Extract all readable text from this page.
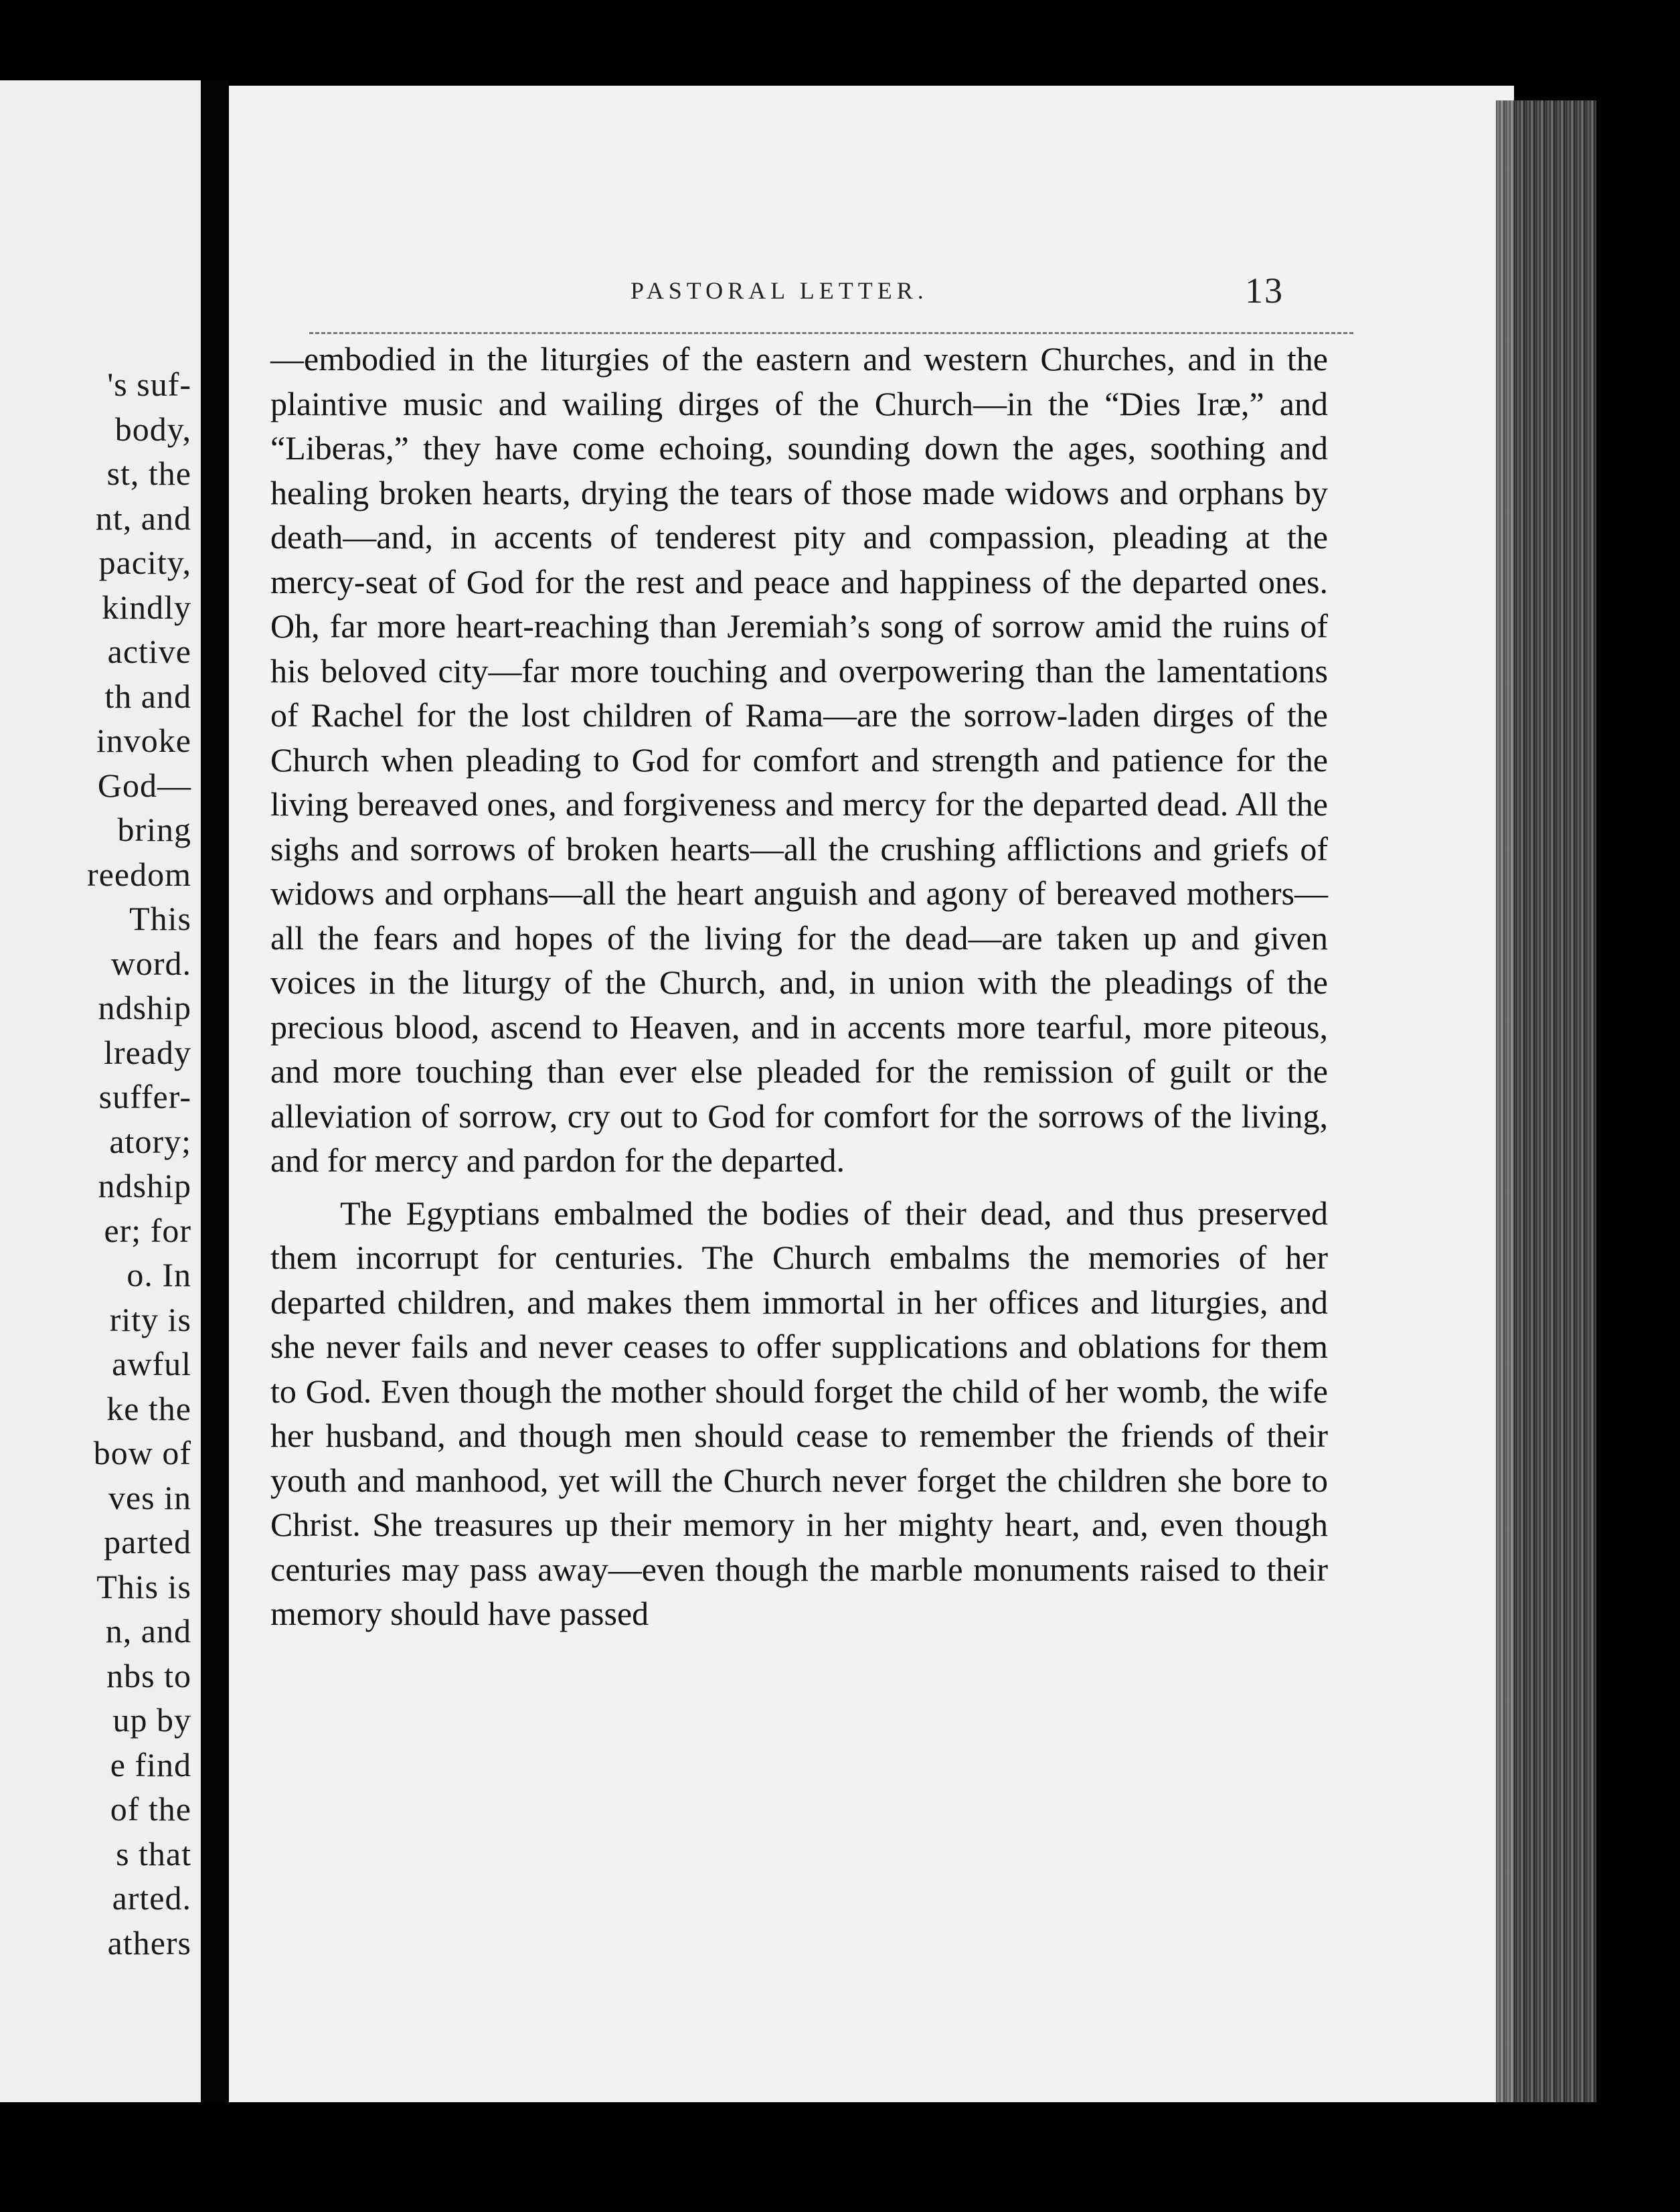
's suf-
body,
st, the
nt, and
pacity,
kindly
active
th and
invoke
God—
bring
reedom
This
word.
ndship
lready
suffer-
atory;
ndship
er; for
o. In
rity is
awful
ke the
bow of
ves in
parted
This is
n, and
nbs to
up by
e find
of the
s that
arted.
athers
PASTORAL LETTER.	13

—embodied in the liturgies of the eastern and western Churches, and in the plaintive music and wailing dirges of the Church—in the “Dies Iræ,” and “Liberas,” they have come echoing, sounding down the ages, soothing and healing broken hearts, drying the tears of those made widows and orphans by death—and, in accents of tenderest pity and compassion, pleading at the mercy-seat of God for the rest and peace and happiness of the departed ones. Oh, far more heart-reaching than Jeremiah’s song of sorrow amid the ruins of his beloved city—far more touching and overpowering than the lamentations of Rachel for the lost children of Rama—are the sorrow-laden dirges of the Church when pleading to God for comfort and strength and patience for the living bereaved ones, and forgiveness and mercy for the departed dead. All the sighs and sorrows of broken hearts—all the crushing afflictions and griefs of widows and orphans—all the heart anguish and agony of bereaved mothers—all the fears and hopes of the living for the dead—are taken up and given voices in the liturgy of the Church, and, in union with the pleadings of the precious blood, ascend to Heaven, and in accents more tearful, more piteous, and more touching than ever else pleaded for the remission of guilt or the alleviation of sorrow, cry out to God for comfort for the sorrows of the living, and for mercy and pardon for the departed.

The Egyptians embalmed the bodies of their dead, and thus preserved them incorrupt for centuries. The Church embalms the memories of her departed children, and makes them immortal in her offices and liturgies, and she never fails and never ceases to offer supplications and oblations for them to God. Even though the mother should forget the child of her womb, the wife her husband, and though men should cease to remember the friends of their youth and manhood, yet will the Church never forget the children she bore to Christ. She treasures up their memory in her mighty heart, and, even though centuries may pass away—even though the marble monuments raised to their memory should have passed
